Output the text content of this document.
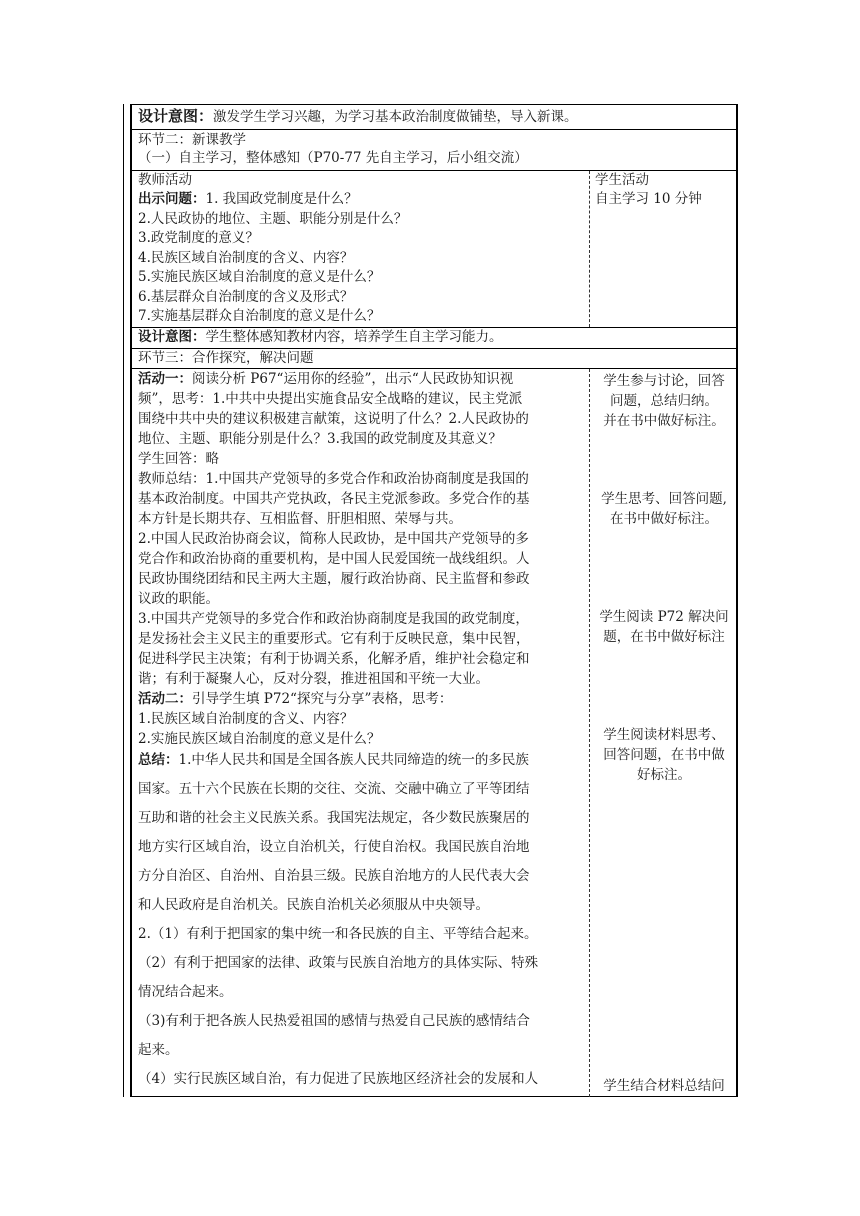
设计意图：激发学生学习兴趣，为学习基本政治制度做铺垫，导入新课。
环节二：新课教学
（一）自主学习，整体感知（P70-77 先自主学习，后小组交流）
教师活动
出示问题：1. 我国政党制度是什么？
2.人民政协的地位、主题、职能分别是什么？
3.政党制度的意义？
4.民族区域自治制度的含义、内容？
5.实施民族区域自治制度的意义是什么？
6.基层群众自治制度的含义及形式？
7.实施基层群众自治制度的意义是什么？
学生活动
自主学习 10 分钟
设计意图：学生整体感知教材内容，培养学生自主学习能力。
环节三：合作探究，解决问题
活动一：阅读分析 P67“运用你的经验”，出示“人民政协知识视
频”，思考：1.中共中央提出实施食品安全战略的建议，民主党派
围绕中共中央的建议积极建言献策，这说明了什么？2.人民政协的
地位、主题、职能分别是什么？3.我国的政党制度及其意义？
学生回答：略
教师总结：1.中国共产党领导的多党合作和政治协商制度是我国的
基本政治制度。中国共产党执政，各民主党派参政。多党合作的基
本方针是长期共存、互相监督、肝胆相照、荣辱与共。
2.中国人民政治协商会议，简称人民政协，是中国共产党领导的多
党合作和政治协商的重要机构，是中国人民爱国统一战线组织。人
民政协围绕团结和民主两大主题，履行政治协商、民主监督和参政
议政的职能。
3.中国共产党领导的多党合作和政治协商制度是我国的政党制度，
是发扬社会主义民主的重要形式。它有利于反映民意，集中民智，
促进科学民主决策；有利于协调关系，化解矛盾，维护社会稳定和
谐；有利于凝聚人心，反对分裂，推进祖国和平统一大业。
活动二：引导学生填 P72“探究与分享”表格，思考：
1.民族区域自治制度的含义、内容？
2.实施民族区域自治制度的意义是什么？
总结：1.中华人民共和国是全国各族人民共同缔造的统一的多民族
国家。五十六个民族在长期的交往、交流、交融中确立了平等团结
互助和谐的社会主义民族关系。我国宪法规定，各少数民族聚居的
地方实行区域自治，设立自治机关，行使自治权。我国民族自治地
方分自治区、自治州、自治县三级。民族自治地方的人民代表大会
和人民政府是自治机关。民族自治机关必须服从中央领导。
2.（1）有利于把国家的集中统一和各民族的自主、平等结合起来。
（2）有利于把国家的法律、政策与民族自治地方的具体实际、特殊
情况结合起来。
（3)有利于把各族人民热爱祖国的感情与热爱自己民族的感情结合
起来。
（4）实行民族区域自治，有力促进了民族地区经济社会的发展和人
学生参与讨论，回答
问题，总结归纳。
并在书中做好标注。
学生思考、回答问题,
在书中做好标注。
学生阅读 P72 解决问
题，在书中做好标注
学生阅读材料思考、
回答问题，在书中做
好标注。
学生结合材料总结问
